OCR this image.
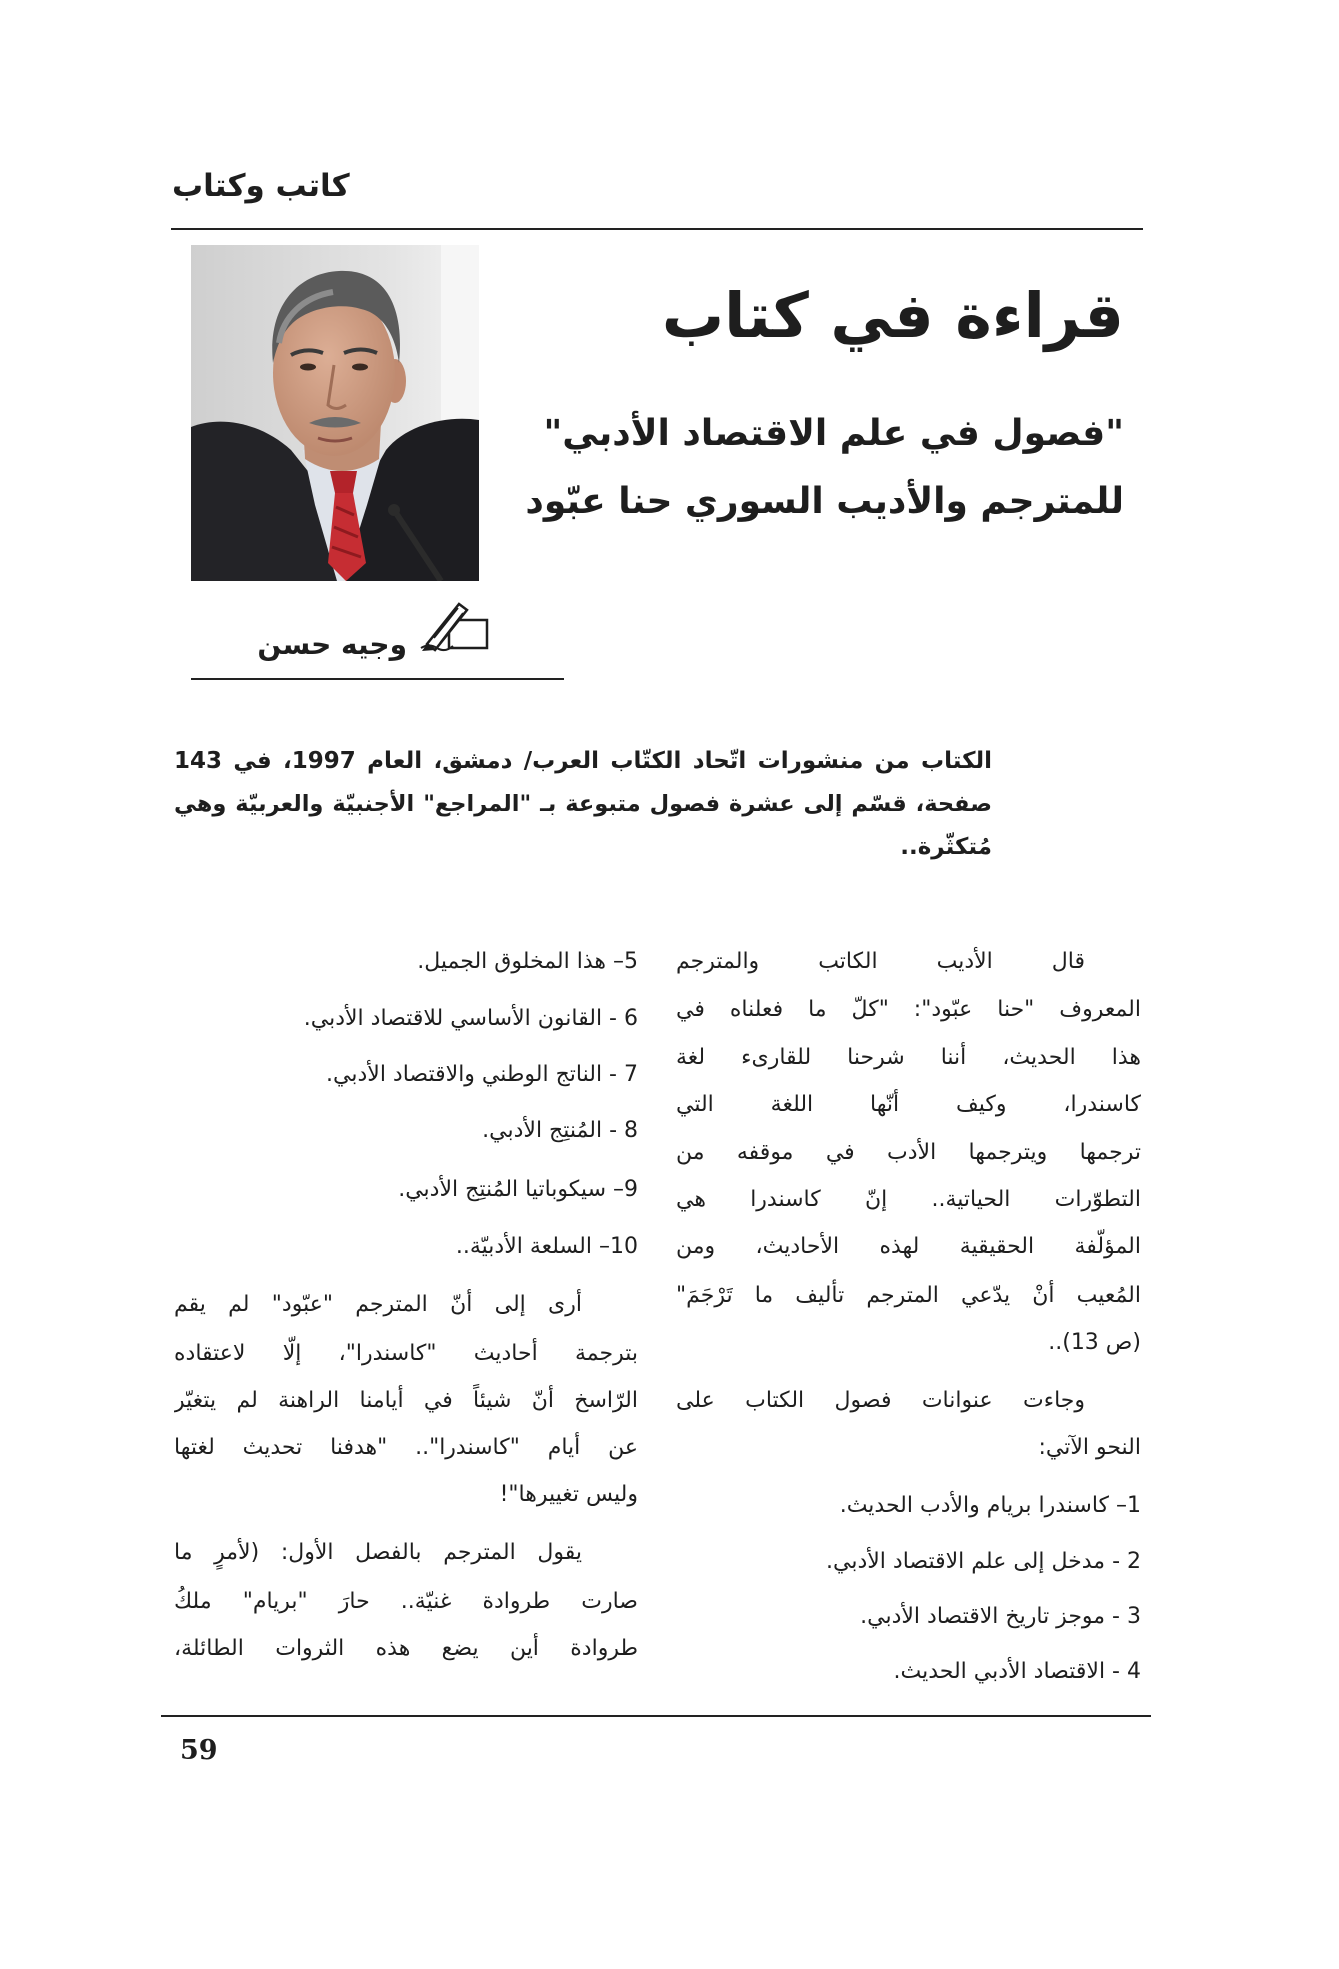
كاتب وكتاب
قراءة في كتاب
"فصول في علم الاقتصاد الأدبي"
للمترجم والأديب السوري حنا عبّود
وجيه حسن
الكتاب من منشورات اتّحاد الكتّاب العرب/ دمشق، العام 1997، في 143
صفحة، قسّم إلى عشرة فصول متبوعة بـ "المراجع" الأجنبيّة والعربيّة وهي
مُتكثّرة..
قال الأديب الكاتب والمترجم
المعروف "حنا عبّود": "كلّ ما فعلناه في
هذا الحديث، أننا شرحنا للقارىء لغة
كاسندرا، وكيف أنّها اللغة التي
ترجمها ويترجمها الأدب في موقفه من
التطوّرات الحياتية.. إنّ كاسندرا هي
المؤلّفة الحقيقية لهذه الأحاديث، ومن
المُعيب أنْ يدّعي المترجم تأليف ما تَرْجَمَ"
(ص 13)..
وجاءت عنوانات فصول الكتاب على
النحو الآتي:
1– كاسندرا بريام والأدب الحديث.
2 - مدخل إلى علم الاقتصاد الأدبي.
3 - موجز تاريخ الاقتصاد الأدبي.
4 - الاقتصاد الأدبي الحديث.
5– هذا المخلوق الجميل.
6 - القانون الأساسي للاقتصاد الأدبي.
7 - الناتج الوطني والاقتصاد الأدبي.
8 - المُنتِج الأدبي.
9– سيكوباتيا المُنتِج الأدبي.
10– السلعة الأدبيّة..
أرى إلى أنّ المترجم "عبّود" لم يقم
بترجمة أحاديث "كاسندرا"، إلّا لاعتقاده
الرّاسخ أنّ شيئاً في أيامنا الراهنة لم يتغيّر
عن أيام "كاسندرا".. "هدفنا تحديث لغتها
وليس تغييرها"!
يقول المترجم بالفصل الأول: (لأمرٍ ما
صارت طروادة غنيّة.. حارَ "بريام" ملكُ
طروادة أين يضع هذه الثروات الطائلة،
59
